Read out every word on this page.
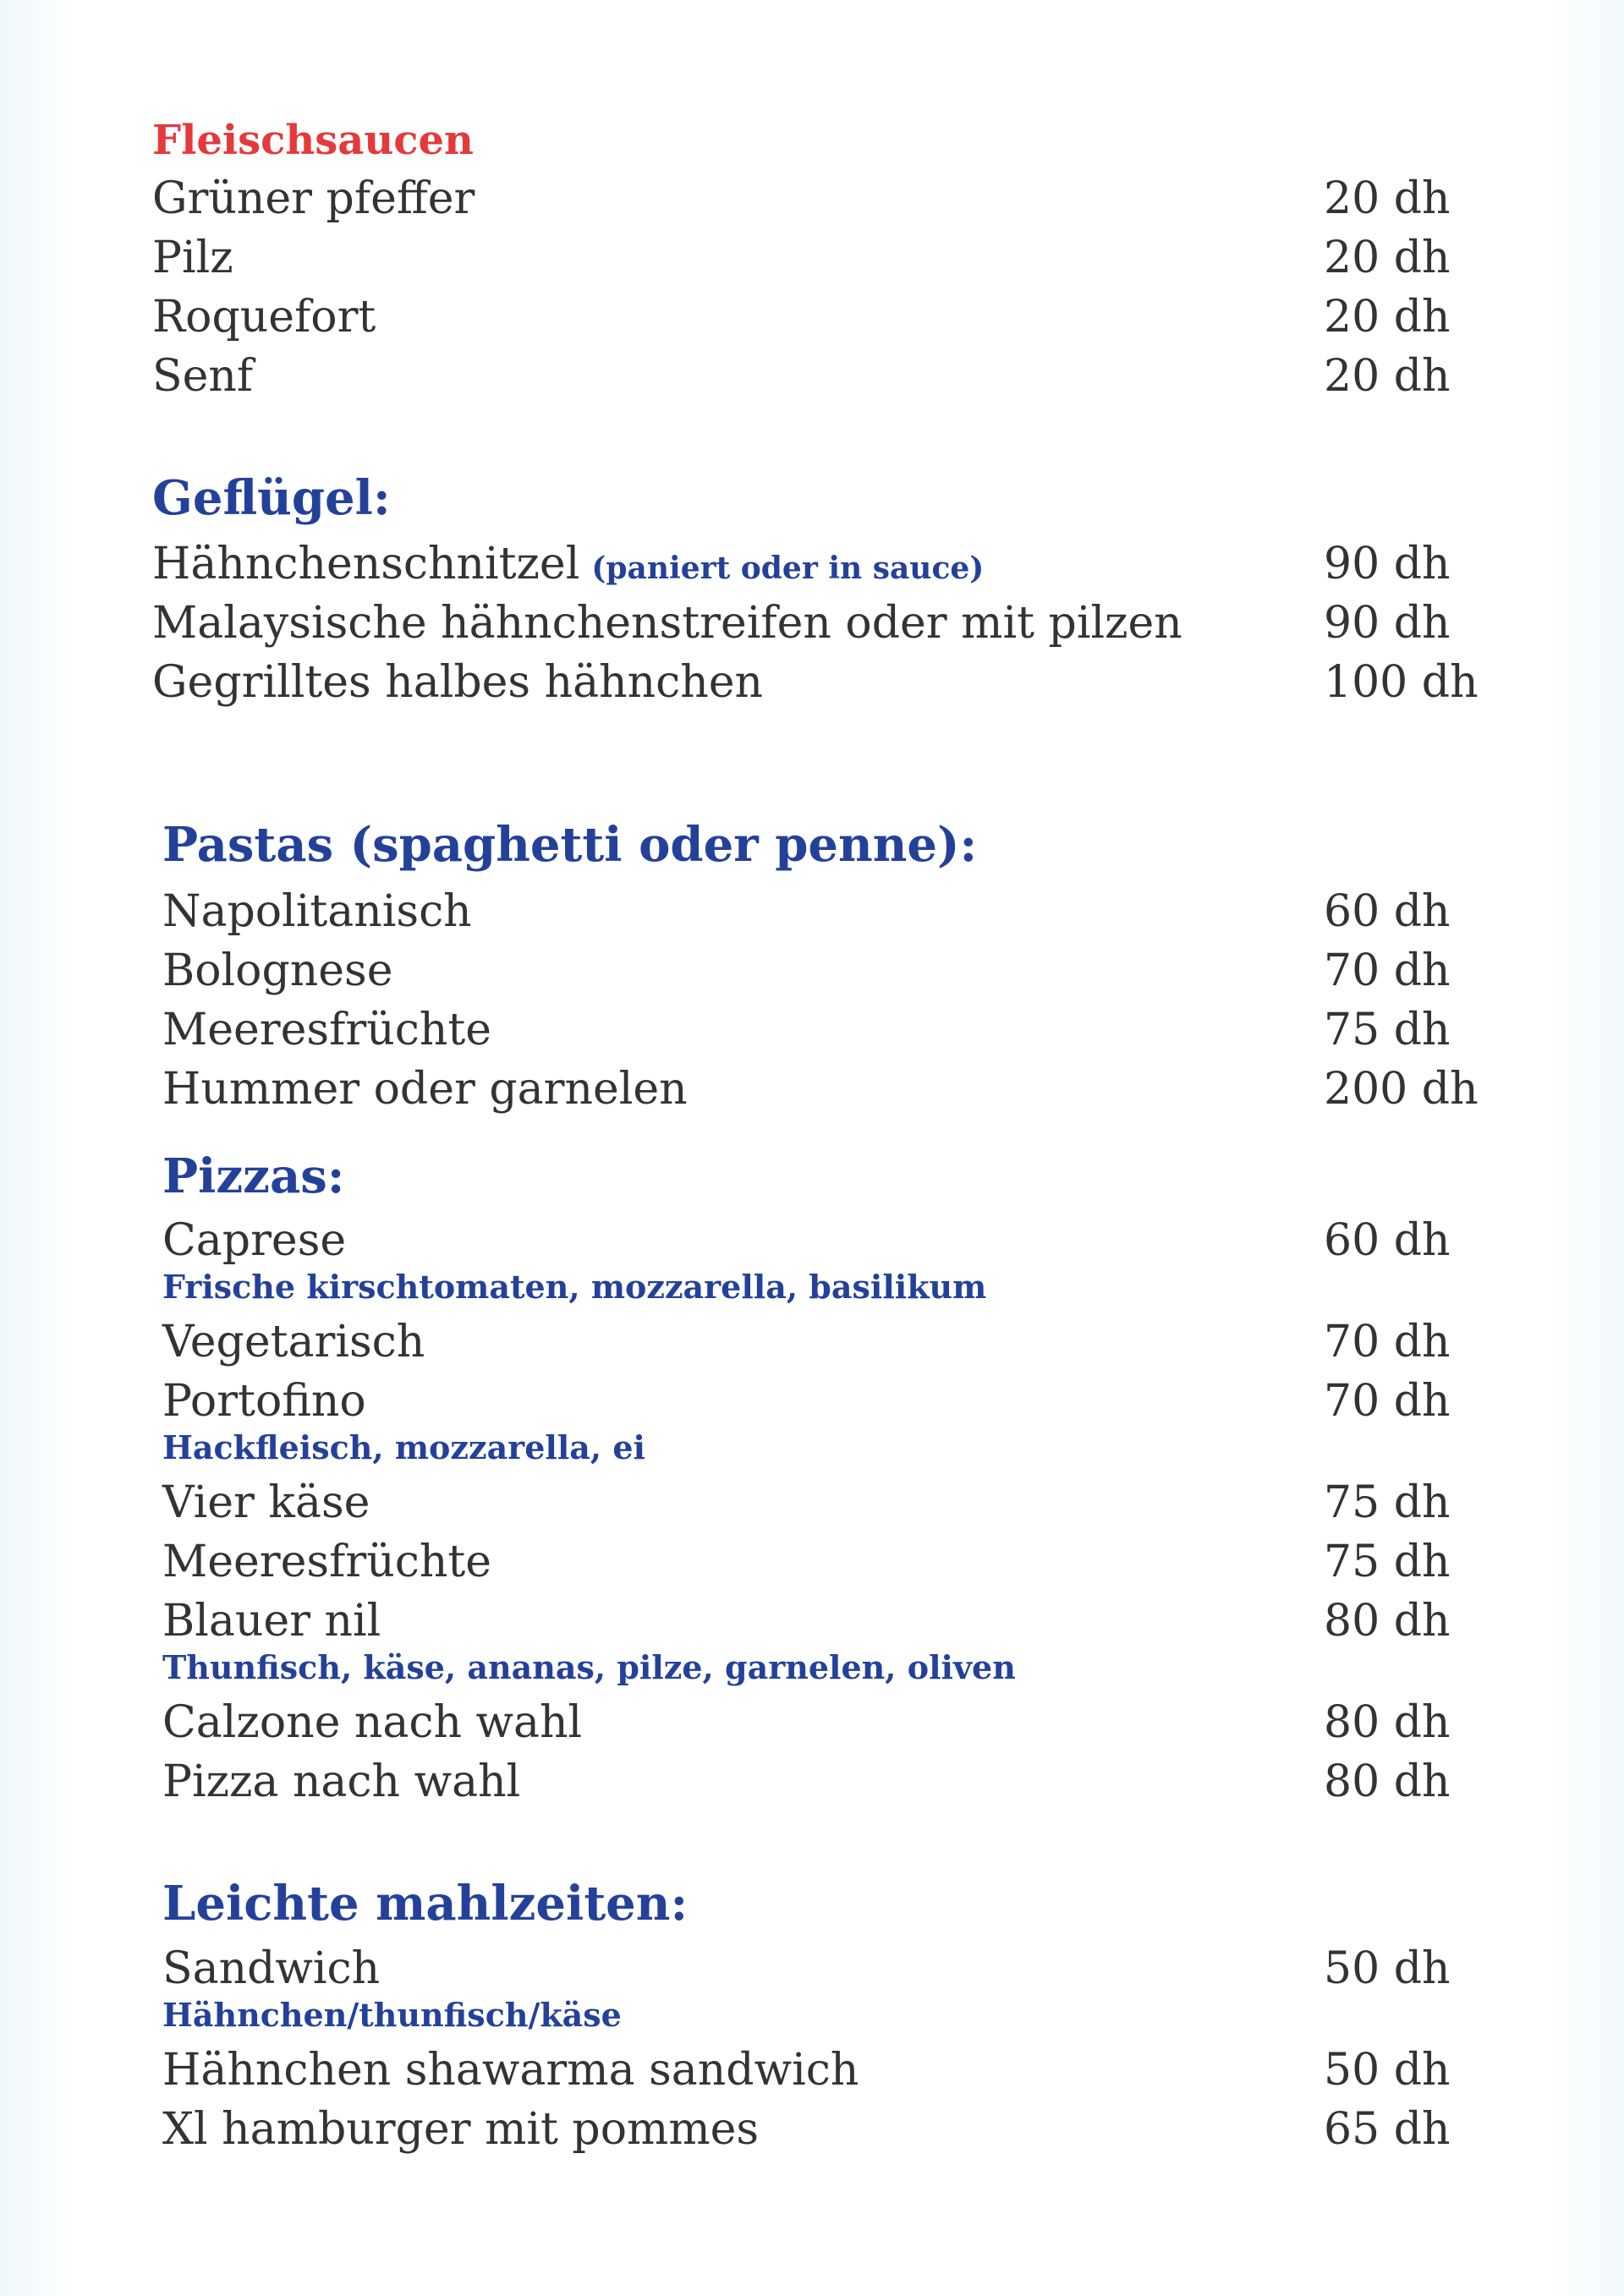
Fleischsaucen
Grüner pfeffer	20 dh
Pilz	20 dh
Roquefort	20 dh
Senf	20 dh
Geflügel:
Hähnchenschnitzel (paniert oder in sauce)	90 dh
Malaysische hähnchenstreifen oder mit pilzen	90 dh
Gegrilltes halbes hähnchen	100 dh
Pastas (spaghetti oder penne):
Napolitanisch	60 dh
Bolognese	70 dh
Meeresfrüchte	75 dh
Hummer oder garnelen	200 dh
Pizzas:
Caprese	60 dh
Frische kirschtomaten, mozzarella, basilikum
Vegetarisch	70 dh
Portofino	70 dh
Hackfleisch, mozzarella, ei
Vier käse	75 dh
Meeresfrüchte	75 dh
Blauer nil	80 dh
Thunfisch, käse, ananas, pilze, garnelen, oliven
Calzone nach wahl	80 dh
Pizza nach wahl	80 dh
Leichte mahlzeiten:
Sandwich	50 dh
Hähnchen/thunfisch/käse
Hähnchen shawarma sandwich	50 dh
Xl hamburger mit pommes	65 dh
